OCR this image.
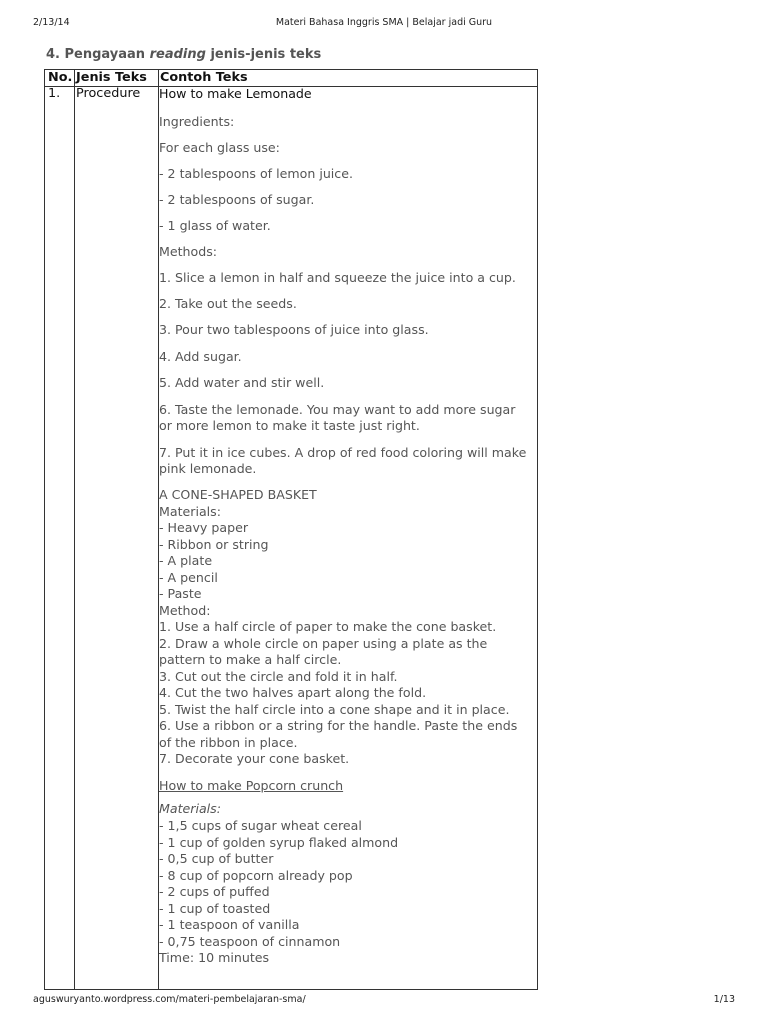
2/13/14	Materi Bahasa Inggris SMA | Belajar jadi Guru
4. Pengayaan reading jenis-jenis teks
No. Jenis Teks Contoh Teks
1. Procedure How to make Lemonade
Ingredients:
For each glass use:
- 2 tablespoons of lemon juice.
- 2 tablespoons of sugar.
- 1 glass of water.
Methods:
1. Slice a lemon in half and squeeze the juice into a cup.
2. Take out the seeds.
3. Pour two tablespoons of juice into glass.
4. Add sugar.
5. Add water and stir well.
6. Taste the lemonade. You may want to add more sugar
or more lemon to make it taste just right.
7. Put it in ice cubes. A drop of red food coloring will make
pink lemonade.
A CONE-SHAPED BASKET
Materials:
- Heavy paper
- Ribbon or string
- A plate
- A pencil
- Paste
Method:
1. Use a half circle of paper to make the cone basket.
2. Draw a whole circle on paper using a plate as the
pattern to make a half circle.
3. Cut out the circle and fold it in half.
4. Cut the two halves apart along the fold.
5. Twist the half circle into a cone shape and it in place.
6. Use a ribbon or a string for the handle. Paste the ends
of the ribbon in place.
7. Decorate your cone basket.
How to make Popcorn crunch
Materials:
- 1,5 cups of sugar wheat cereal
- 1 cup of golden syrup flaked almond
- 0,5 cup of butter
- 8 cup of popcorn already pop
- 2 cups of puffed
- 1 cup of toasted
- 1 teaspoon of vanilla
- 0,75 teaspoon of cinnamon
Time: 10 minutes
aguswuryanto.wordpress.com/materi-pembelajaran-sma/	1/13
